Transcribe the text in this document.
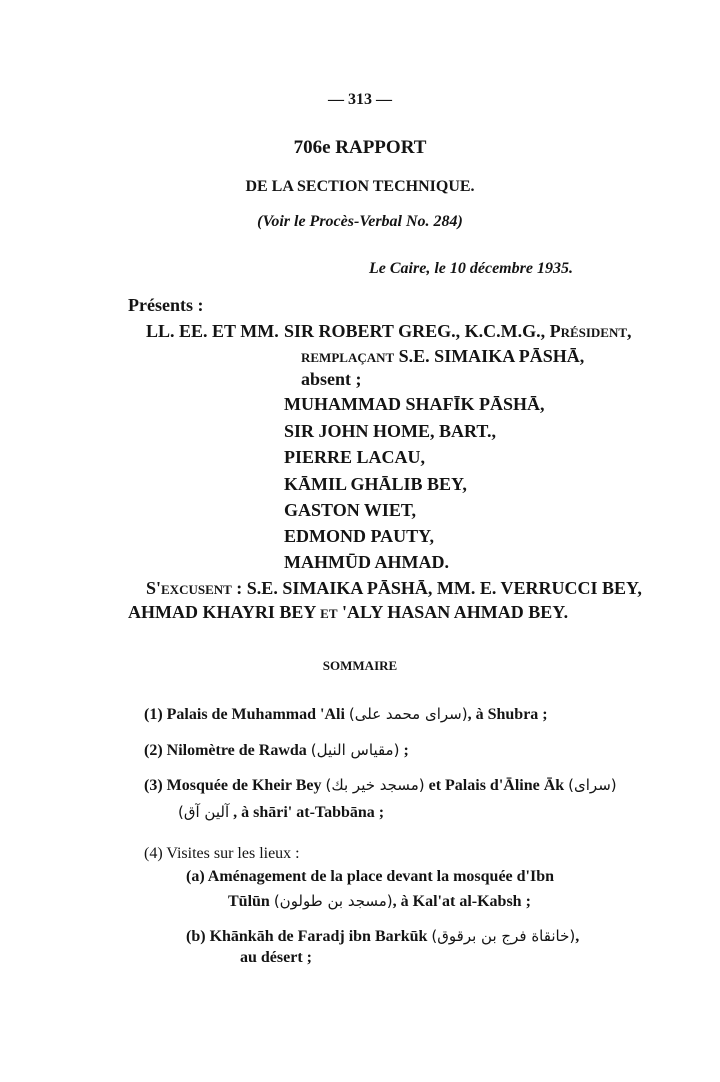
— 313 —
706e RAPPORT
DE LA SECTION TECHNIQUE.
(Voir le Procès-Verbal No. 284)
Le Caire, le 10 décembre 1935.
Présents :
LL. EE. ET MM. SIR ROBERT GREG., K.C.M.G., Président,
remplaçant S.E. SIMAIKA PĀSHĀ,
absent ;
MUHAMMAD SHAFĪK PĀSHĀ,
SIR JOHN HOME, BART.,
PIERRE LACAU,
KĀMIL GHĀLIB BEY,
GASTON WIET,
EDMOND PAUTY,
MAHMŪD AHMAD.
S'excusent : S.E. SIMAIKA PĀSHĀ, MM. E. VERRUCCI BEY,
AHMAD KHAYRI BEY et 'ALY HASAN AHMAD BEY.
SOMMAIRE
(1) Palais de Muhammad 'Ali (سراى محمد على), à Shubra ;
(2) Nilomètre de Rawda (مقياس النيل) ;
(3) Mosquée de Kheir Bey (مسجد خير بك) et Palais d'Āline Āk (سراى)
(آلين آق , à shāri' at-Tabbāna ;
(4) Visites sur les lieux :
(a) Aménagement de la place devant la mosquée d'Ibn
Tūlūn (مسجد بن طولون), à Kal'at al-Kabsh ;
(b) Khānkāh de Faradj ibn Barkūk (خانقاة فرج بن برقوق),
au désert ;
